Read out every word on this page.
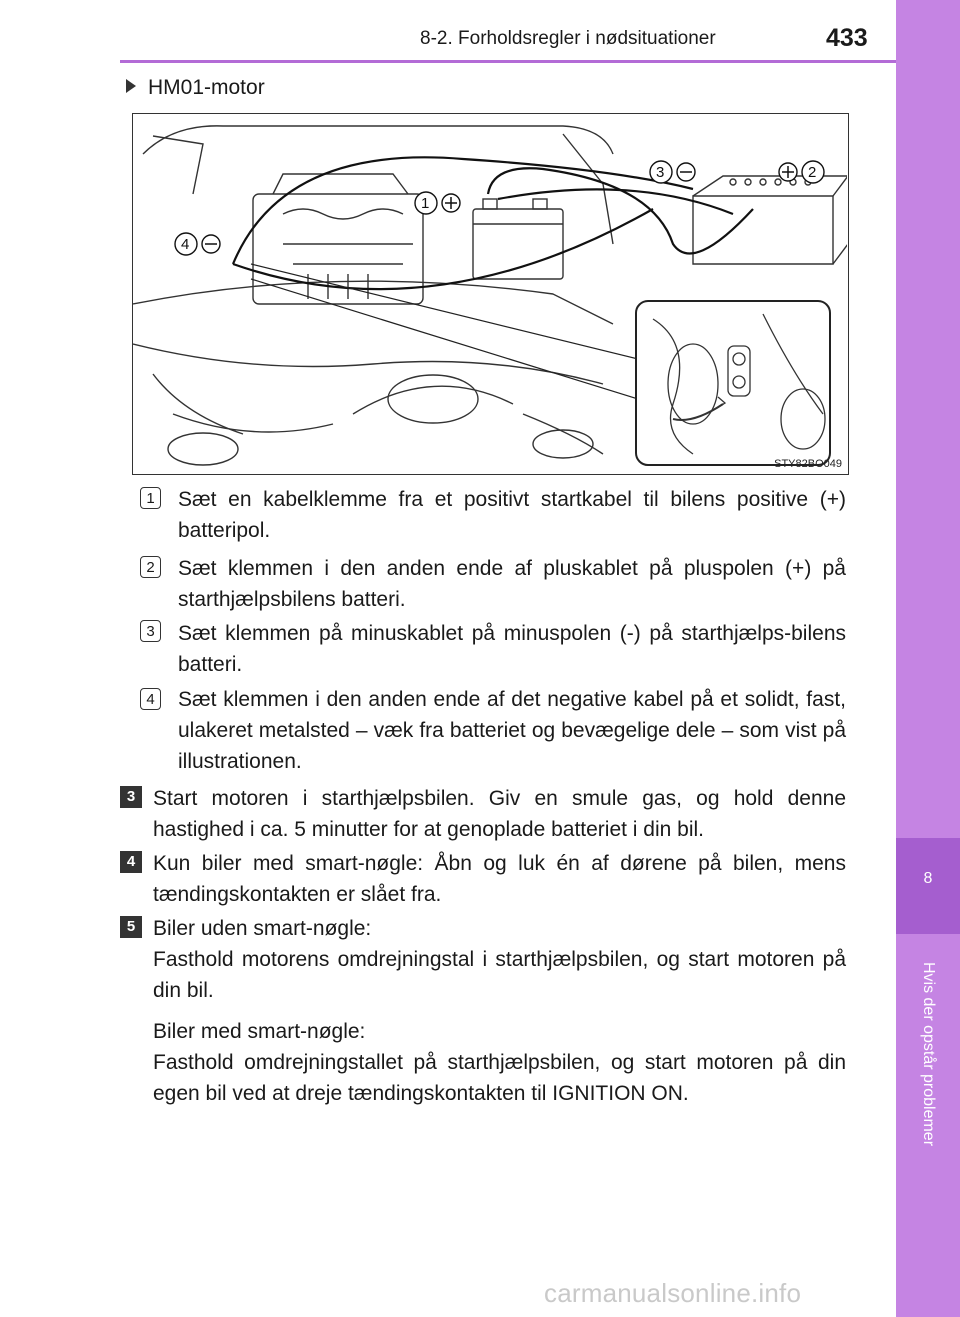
8-2. Forholdsregler i nødsituationer	433
8
Hvis der opstår problemer
HM01-motor
4
1
3	2
STY82BO049
1	Sæt en kabelklemme fra et positivt startkabel til bilens positive (+) batteripol.
2	Sæt klemmen i den anden ende af pluskablet på pluspolen (+) på starthjælpsbilens batteri.
3	Sæt klemmen på minuskablet på minuspolen (-) på starthjælps-bilens batteri.
4	Sæt klemmen i den anden ende af det negative kabel på et solidt, fast, ulakeret metalsted – væk fra batteriet og bevægelige dele – som vist på illustrationen.
3 Start motoren i starthjælpsbilen. Giv en smule gas, og hold denne hastighed i ca. 5 minutter for at genoplade batteriet i din bil.
4 Kun biler med smart-nøgle: Åbn og luk én af dørene på bilen, mens tændingskontakten er slået fra.
5 Biler uden smart-nøgle:
Fasthold motorens omdrejningstal i starthjælpsbilen, og start motoren på din bil.
Biler med smart-nøgle:
Fasthold omdrejningstallet på starthjælpsbilen, og start motoren på din egen bil ved at dreje tændingskontakten til IGNITION ON.
carmanualsonline.info
